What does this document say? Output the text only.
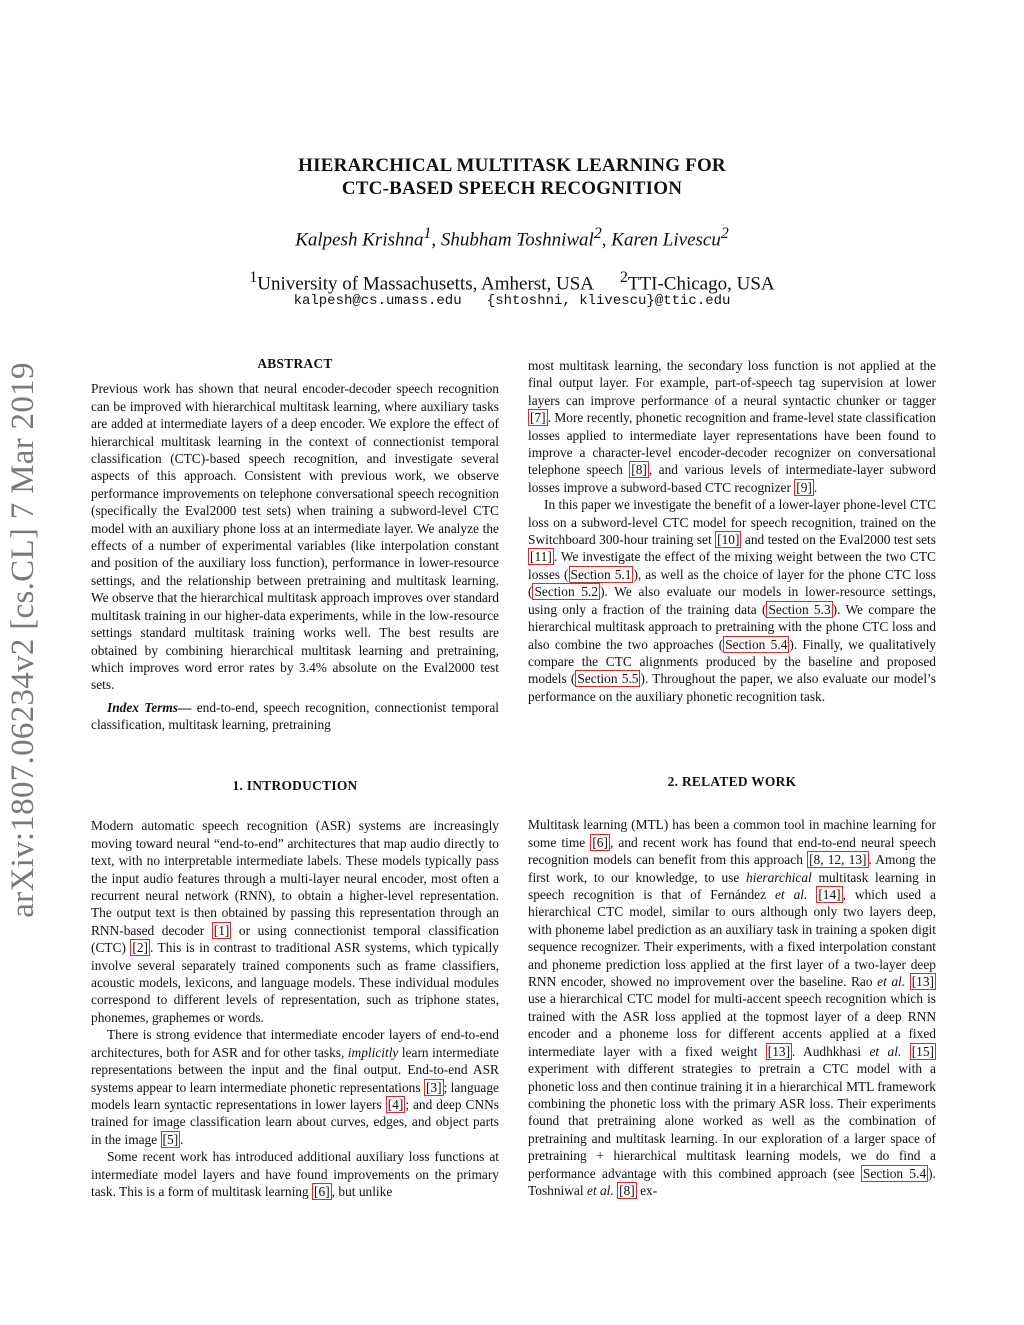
HIERARCHICAL MULTITASK LEARNING FOR
CTC-BASED SPEECH RECOGNITION
Kalpesh Krishna$^1$, Shubham Toshniwal$^2$, Karen Livescu$^2$
$^1$University of Massachusetts, Amherst, USA $^2$TTI-Chicago, USA
kalpesh@cs.umass.edu   {shtoshni, klivescu}@ttic.edu
arXiv:1807.06234v2 [cs.CL] 7 Mar 2019	ABSTRACT

Previous work has shown that neural encoder-decoder speech recognition can be improved with hierarchical multitask learning, where auxiliary tasks are added at intermediate layers of a deep encoder. We explore the effect of hierarchical multitask learning in the context of connectionist temporal classification (CTC)-based speech recognition, and investigate several aspects of this approach. Consistent with previous work, we observe performance improvements on telephone conversational speech recognition (specifically the Eval2000 test sets) when training a subword-level CTC model with an auxiliary phone loss at an intermediate layer. We analyze the effects of a number of experimental variables (like interpolation constant and position of the auxiliary loss function), performance in lower-resource settings, and the relationship between pretraining and multitask learning. We observe that the hierarchical multitask approach improves over standard multitask training in our higher-data experiments, while in the low-resource settings standard multitask training works well. The best results are obtained by combining hierarchical multitask learning and pretraining, which improves word error rates by 3.4% absolute on the Eval2000 test sets.

Index Terms— end-to-end, speech recognition, connectionist temporal classification, multitask learning, pretraining

1. INTRODUCTION

Modern automatic speech recognition (ASR) systems are increasingly moving toward neural “end-to-end” architectures that map audio directly to text, with no interpretable intermediate labels. These models typically pass the input audio features through a multi-layer neural encoder, most often a recurrent neural network (RNN), to obtain a higher-level representation. The output text is then obtained by passing this representation through an RNN-based decoder [1] or using connectionist temporal classification (CTC) [2] . This is in contrast to traditional ASR systems, which typically involve several separately trained components such as frame classifiers, acoustic models, lexicons, and language models. These individual modules correspond to different levels of representation, such as triphone states, phonemes, graphemes or words.

There is strong evidence that intermediate encoder layers of end-to-end architectures, both for ASR and for other tasks, implicitly learn intermediate representations between the input and the final output. End-to-end ASR systems appear to learn intermediate phonetic representations [3] ; language models learn syntactic representations in lower layers [4] ; and deep CNNs trained for image classification learn about curves, edges, and object parts in the image [5] .

Some recent work has introduced additional auxiliary loss functions at intermediate model layers and have found improvements on the primary task. This is a form of multitask learning [6] , but unlike

most multitask learning, the secondary loss function is not applied at the final output layer. For example, part-of-speech tag supervision at lower layers can improve performance of a neural syntactic chunker or tagger [7] . More recently, phonetic recognition and frame-level state classification losses applied to intermediate layer representations have been found to improve a character-level encoder-decoder recognizer on conversational telephone speech [8] , and various levels of intermediate-layer subword losses improve a subword-based CTC recognizer [9] .

In this paper we investigate the benefit of a lower-layer phone-level CTC loss on a subword-level CTC model for speech recognition, trained on the Switchboard 300-hour training set [10] and tested on the Eval2000 test sets [11] . We investigate the effect of the mixing weight between the two CTC losses ( Section 5.1 ), as well as the choice of layer for the phone CTC loss ( Section 5.2 ). We also evaluate our models in lower-resource settings, using only a fraction of the training data ( Section 5.3 ). We compare the hierarchical multitask approach to pretraining with the phone CTC loss and also combine the two approaches ( Section 5.4 ). Finally, we qualitatively compare the CTC alignments produced by the baseline and proposed models ( Section 5.5 ). Throughout the paper, we also evaluate our model’s performance on the auxiliary phonetic recognition task.

2. RELATED WORK

Multitask learning (MTL) has been a common tool in machine learning for some time [6] , and recent work has found that end-to-end neural speech recognition models can benefit from this approach [8, 12, 13] . Among the first work, to our knowledge, to use hierarchical multitask learning in speech recognition is that of Fernández et al. [14] , which used a hierarchical CTC model, similar to ours although only two layers deep, with phoneme label prediction as an auxiliary task in training a spoken digit sequence recognizer. Their experiments, with a fixed interpolation constant and phoneme prediction loss applied at the first layer of a two-layer deep RNN encoder, showed no improvement over the baseline. Rao et al. [13] use a hierarchical CTC model for multi-accent speech recognition which is trained with the ASR loss applied at the topmost layer of a deep RNN encoder and a phoneme loss for different accents applied at a fixed intermediate layer with a fixed weight [13] . Audhkhasi et al. [15] experiment with different strategies to pretrain a CTC model with a phonetic loss and then continue training it in a hierarchical MTL framework combining the phonetic loss with the primary ASR loss. Their experiments found that pretraining alone worked as well as the combination of pretraining and multitask learning. In our exploration of a larger space of pretraining + hierarchical multitask learning models, we do find a performance advantage with this combined approach (see Section 5.4 ). Toshniwal et al. [8] ex-
